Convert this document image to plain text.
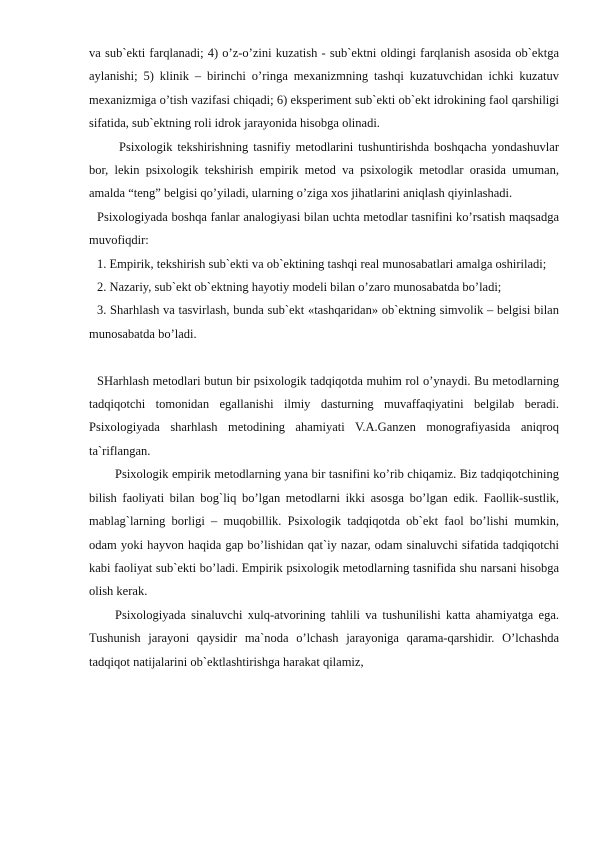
va sub`ekti farqlanadi; 4) o’z-o’zini kuzatish - sub`ektni oldingi farqlanish asosida ob`ektga aylanishi; 5) klinik – birinchi o’ringa mexanizmning tashqi kuzatuvchidan ichki kuzatuv mexanizmiga o’tish vazifasi chiqadi; 6) eksperiment sub`ekti ob`ekt idrokining faol qarshiligi sifatida, sub`ektning roli idrok jarayonida hisobga olinadi.

Psixologik tekshirishning tasnifiy metodlarini tushuntirishda boshqacha yondashuvlar bor, lekin psixologik tekshirish empirik metod va psixologik metodlar orasida umuman, amalda “teng” belgisi qo’yiladi, ularning o’ziga xos jihatlarini aniqlash qiyinlashadi.

Psixologiyada boshqa fanlar analogiyasi bilan uchta metodlar tasnifini ko’rsatish maqsadga muvofiqdir:

1. Empirik, tekshirish sub`ekti va ob`ektining tashqi real munosabatlari amalga oshiriladi;

2. Nazariy, sub`ekt ob`ektning hayotiy modeli bilan o’zaro munosabatda bo’ladi;

3. Sharhlash va tasvirlash, bunda sub`ekt «tashqaridan» ob`ektning simvolik – belgisi bilan munosabatda bo’ladi.

SHarhlash metodlari butun bir psixologik tadqiqotda muhim rol o’ynaydi. Bu metodlarning tadqiqotchi tomonidan egallanishi ilmiy dasturning muvaffaqiyatini belgilab beradi. Psixologiyada sharhlash metodining ahamiyati V.A.Ganzen monografiyasida aniqroq ta`riflangan.

Psixologik empirik metodlarning yana bir tasnifini ko’rib chiqamiz. Biz tadqiqotchining bilish faoliyati bilan bog`liq bo’lgan metodlarni ikki asosga bo’lgan edik. Faollik-sustlik, mablag`larning borligi – muqobillik. Psixologik tadqiqotda ob`ekt faol bo’lishi mumkin, odam yoki hayvon haqida gap bo’lishidan qat`iy nazar, odam sinaluvchi sifatida tadqiqotchi kabi faoliyat sub`ekti bo’ladi. Empirik psixologik metodlarning tasnifida shu narsani hisobga olish kerak.

Psixologiyada sinaluvchi xulq-atvorining tahlili va tushunilishi katta ahamiyatga ega. Tushunish jarayoni qaysidir ma`noda o’lchash jarayoniga qarama-qarshidir. O’lchashda tadqiqot natijalarini ob`ektlashtirishga harakat qilamiz,
